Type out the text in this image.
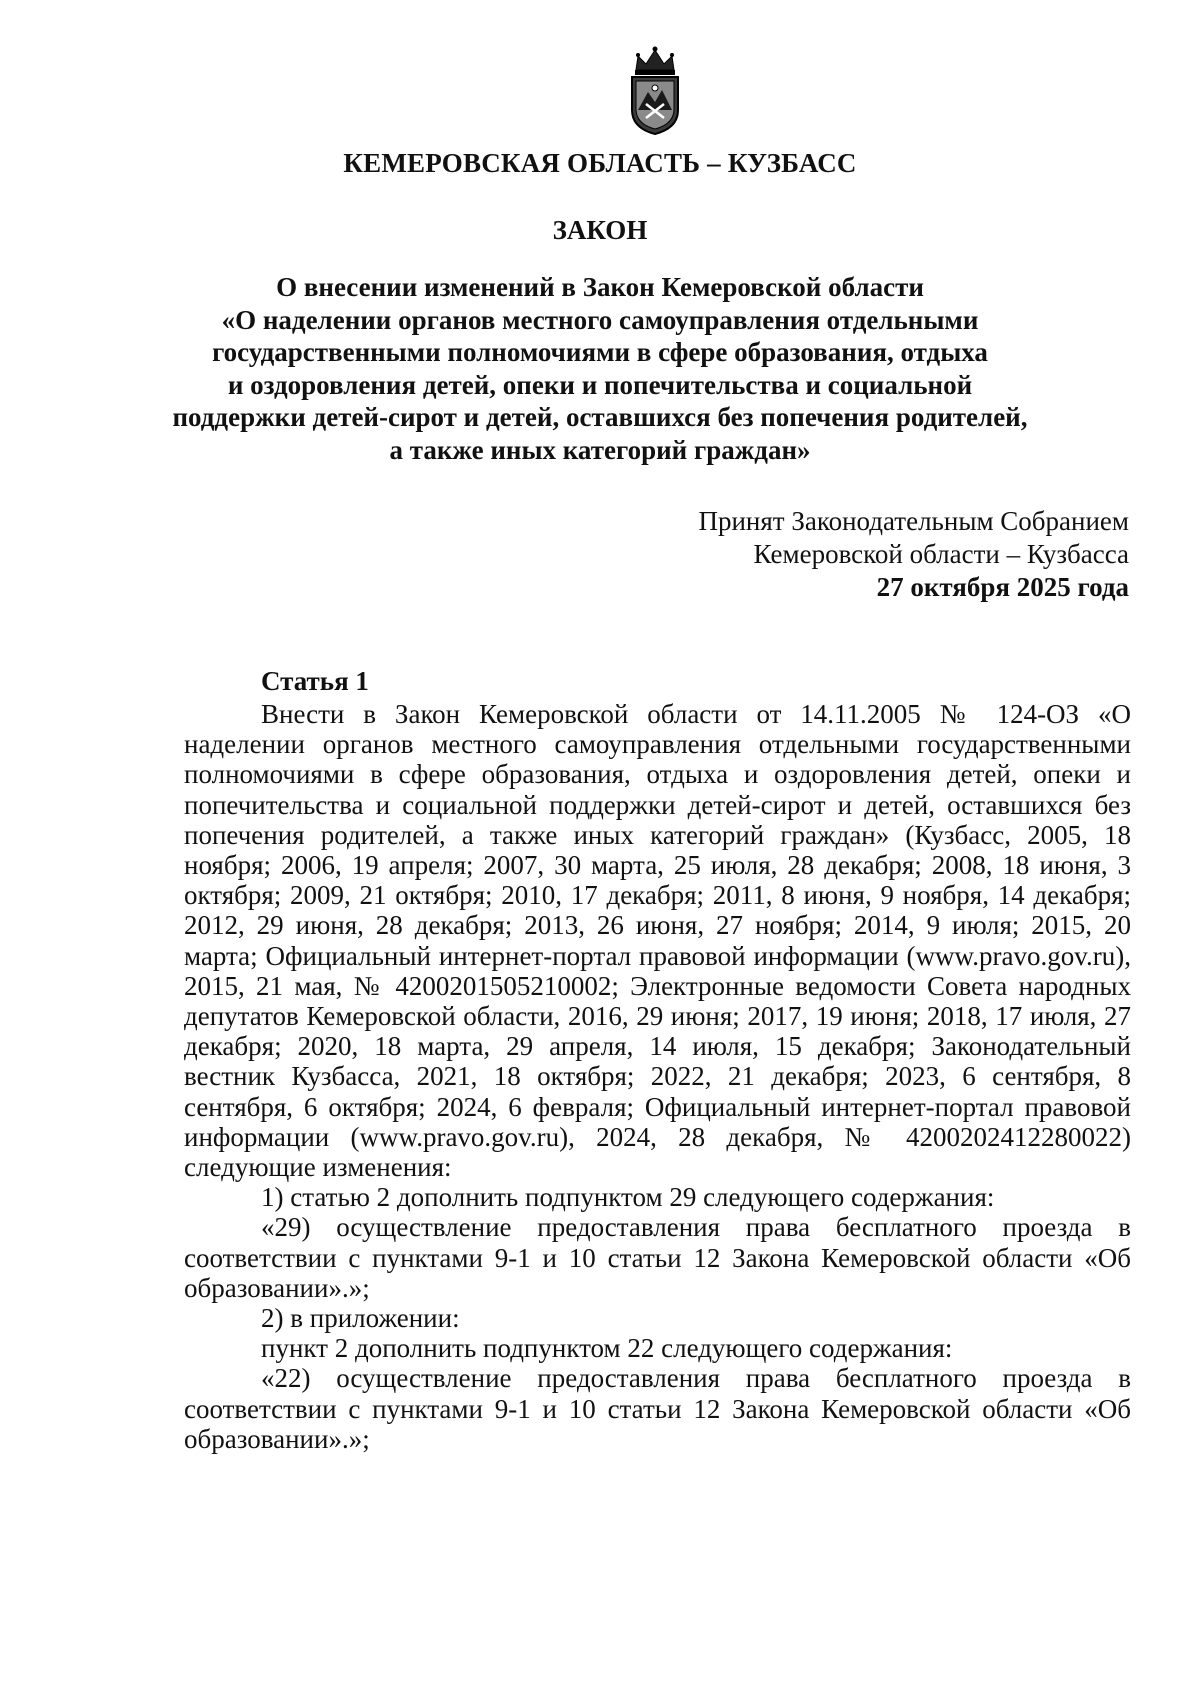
КЕМЕРОВСКАЯ ОБЛАСТЬ – КУЗБАСС
ЗАКОН
О внесении изменений в Закон Кемеровской области
«О наделении органов местного самоуправления отдельными
государственными полномочиями в сфере образования, отдыха
и оздоровления детей, опеки и попечительства и социальной
поддержки детей-сирот и детей, оставшихся без попечения родителей,
а также иных категорий граждан»
Принят Законодательным Собранием
Кемеровской области – Кузбасса
27 октября 2025 года
Статья 1

Внести в Закон Кемеровской области от 14.11.2005 № 124-ОЗ «О наделении органов местного самоуправления отдельными государственными полномочиями в сфере образования, отдыха и оздоровления детей, опеки и попечительства и социальной поддержки детей-сирот и детей, оставшихся без попечения родителей, а также иных категорий граждан» (Кузбасс, 2005, 18 ноября; 2006, 19 апреля; 2007, 30 марта, 25 июля, 28 декабря; 2008, 18 июня, 3 октября; 2009, 21 октября; 2010, 17 декабря; 2011, 8 июня, 9 ноября, 14 декабря; 2012, 29 июня, 28 декабря; 2013, 26 июня, 27 ноября; 2014, 9 июля; 2015, 20 марта; Официальный интернет-портал правовой информации (www.pravo.gov.ru), 2015, 21 мая, № 4200201505210002; Электронные ведомости Совета народных депутатов Кемеровской области, 2016, 29 июня; 2017, 19 июня; 2018, 17 июля, 27 декабря; 2020, 18 марта, 29 апреля, 14 июля, 15 декабря; Законодательный вестник Кузбасса, 2021, 18 октября; 2022, 21 декабря; 2023, 6 сентября, 8 сентября, 6 октября; 2024, 6 февраля; Официальный интернет-портал правовой информации (www.pravo.gov.ru), 2024, 28 декабря, № 4200202412280022) следующие изменения:

1) статью 2 дополнить подпунктом 29 следующего содержания:

«29) осуществление предоставления права бесплатного проезда в соответствии с пунктами 9-1 и 10 статьи 12 Закона Кемеровской области «Об образовании».»;

2) в приложении:

пункт 2 дополнить подпунктом 22 следующего содержания:

«22) осуществление предоставления права бесплатного проезда в соответствии с пунктами 9-1 и 10 статьи 12 Закона Кемеровской области «Об образовании».»;
